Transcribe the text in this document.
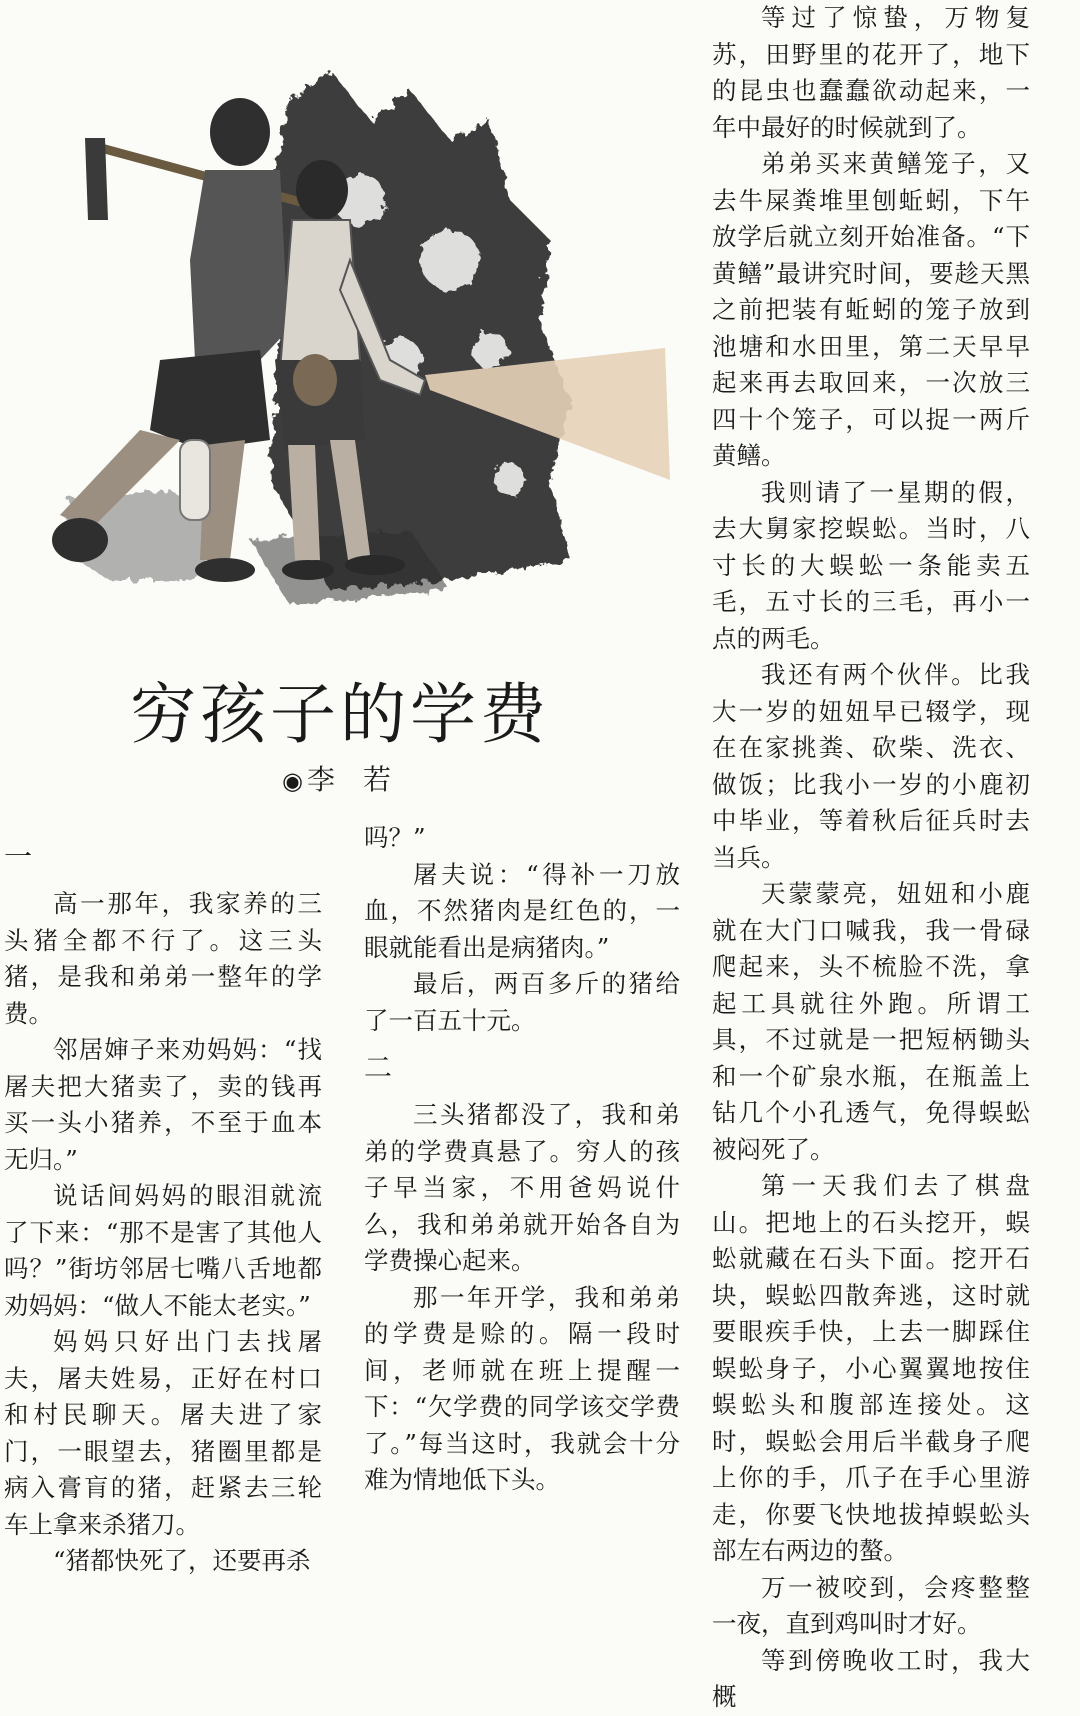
穷孩子的学费
◉ 李　若

一

高一那年，我家养的三头猪全都不行了。这三头猪，是我和弟弟一整年的学费。

邻居婶子来劝妈妈：“找屠夫把大猪卖了，卖的钱再买一头小猪养，不至于血本无归。”

说话间妈妈的眼泪就流了下来：“那不是害了其他人吗？”街坊邻居七嘴八舌地都劝妈妈：“做人不能太老实。”

妈妈只好出门去找屠夫，屠夫姓易，正好在村口和村民聊天。屠夫进了家门，一眼望去，猪圈里都是病入膏肓的猪，赶紧去三轮车上拿来杀猪刀。

“猪都快死了，还要再杀

吗？”

屠夫说：“得补一刀放血，不然猪肉是红色的，一眼就能看出是病猪肉。”

最后，两百多斤的猪给了一百五十元。

二

三头猪都没了，我和弟弟的学费真悬了。穷人的孩子早当家，不用爸妈说什么，我和弟弟就开始各自为学费操心起来。

那一年开学，我和弟弟的学费是赊的。隔一段时间，老师就在班上提醒一下：“欠学费的同学该交学费了。”每当这时，我就会十分难为情地低下头。

等过了惊蛰，万物复苏，田野里的花开了，地下的昆虫也蠢蠢欲动起来，一年中最好的时候就到了。

弟弟买来黄鳝笼子，又去牛屎粪堆里刨蚯蚓，下午放学后就立刻开始准备。“下黄鳝”最讲究时间，要趁天黑之前把装有蚯蚓的笼子放到池塘和水田里，第二天早早起来再去取回来，一次放三四十个笼子，可以捉一两斤黄鳝。

我则请了一星期的假，去大舅家挖蜈蚣。当时，八寸长的大蜈蚣一条能卖五毛，五寸长的三毛，再小一点的两毛。

我还有两个伙伴。比我大一岁的妞妞早已辍学，现在在家挑粪、砍柴、洗衣、做饭；比我小一岁的小鹿初中毕业，等着秋后征兵时去当兵。

天蒙蒙亮，妞妞和小鹿就在大门口喊我，我一骨碌爬起来，头不梳脸不洗，拿起工具就往外跑。所谓工具，不过就是一把短柄锄头和一个矿泉水瓶，在瓶盖上钻几个小孔透气，免得蜈蚣被闷死了。

第一天我们去了棋盘山。把地上的石头挖开，蜈蚣就藏在石头下面。挖开石块，蜈蚣四散奔逃，这时就要眼疾手快，上去一脚踩住蜈蚣身子，小心翼翼地按住蜈蚣头和腹部连接处。这时，蜈蚣会用后半截身子爬上你的手，爪子在手心里游走，你要飞快地拔掉蜈蚣头部左右两边的螯。

万一被咬到，会疼整整一夜，直到鸡叫时才好。

等到傍晚收工时，我大概
